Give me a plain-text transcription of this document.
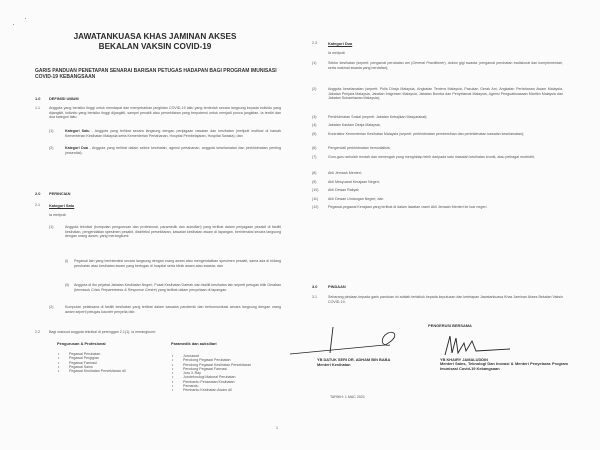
JAWATANKUASA KHAS JAMINAN AKSES
BEKALAN VAKSIN COVID-19
GARIS PANDUAN PENETAPAN SENARAI BARISAN PETUGAS HADAPAN BAGI PROGRAM IMUNISASI COVID-19 KEBANGSAAN
1.0 DEFINISI UMUM
1.1	Anggota yang berisiko tinggi untuk mendapat dan menyebarkan jangkitan COVID-19 iaitu yang terdedah secara langsung kepada individu yang dijangkiti, individu yang berisiko tinggi dijangkiti, sampel pesakit atau persekitaran yang berpotensi untuk menjadi punca jangkitan. Ia terdiri dan dua kategori iaitu:
(1)	Kategori Satu - Anggota yang terlibat secara langsung dengan penjagaan rawatan dan kesihatan (meliputi institusi di bawah Kementerian Kesihatan Malaysia serta Kementerian Pertahanan, Hospital Pembelajaran, Hospital Swasta); dan
(2)	Kategori Dua - Anggota yang terlibat dalam sektor kesihatan, agensi pertahanan, anggota keselamatan dan perkhidmatan penting (essential).
2.0 PERINCIAN
2.1 Kategori Satu
Ia meliputi:
(1)	Anggota teknikal (kumpulan pengurusan dan profesional, paramedik dan auksiliari) yang terlibat dalam penjagaan pesakit di fasiliti kesihatan, pengendalian spesimen pesakit, disinfeksi persekitaran, kawalan kesihatan awam di lapangan, berinteraksi secara langsung dengan orang awam, yang merangkumi:
(i) Pegawai lain yang berinteraksi secara langsung dengan orang awam atau mengendalikan spesimen pesakit, sama ada di bidang perubatan atau kesihatan awam yang bertugas di hospital serta klinik awam atau swasta; dan
(ii) Anggota di ibu pejabat Jabatan Kesihatan Negeri, Pusat Kesihatan Daerah dan fasiliti kesihatan lain seperti petugas bilik Gerakan (termasuk Crisis Preparedness & Response Centre) yang terlibat dalam penyeliaan di lapangan.
(2)	Kumpulan pelaksana di fasiliti kesihatan yang terlibat dalam kawalan pandemik dan berkomunikasi secara langsung dengan orang awam seperti petugas kaunter penyelia dsb.
2.2	Bagi maksud anggota teknikal di perenggan 2.1(1), ia merangkumi:
Pengurusan & Profesional
• Pegawai Perubatan
• Pegawai Pergigian
• Pegawai Farmasi
• Pegawai Sains
• Pegawai Kesihatan Persekitaran dll
Paramedik dan auksiliari
• Jururawat
• Penolong Pegawai Perubatan
• Penolong Pegawai Kesihatan Persekitaran
• Penolong Pegawai Farmasi
• Juru X-Ray
• Juruteknologi Makmal Perubatan
• Pembantu Perawatan Kesihatan
• Pemandu
• Pembantu Kesihatan Awam dll
1
2.3	Kategori Dua
Ia meliputi:
(1)	Sektor kesihatan (seperti: pengamal perubatan am (General Practitioner), doktor gigi swasta, pengamal perubatan tradisional dan komplementari, serta makmal swasta yang berdaftar);
(2)	Anggota keselamatan (seperti: Polis Diraja Malaysia, Angkatan Tentera Malaysia, Pasukan Gerak Am, Angkatan Pertahanan Awam Malaysia, Jabatan Penjara Malaysia, Jabatan Imigresen Malaysia, Jabatan Bomba dan Penyelamat Malaysia, Agensi Penguatkuasaan Maritim Malaysia dan Jabatan Sukarelawan Malaysia);
(3)	Perkhidmatan Sosial (seperti: Jabatan Kebajikan Masyarakat);
(4)	Jabatan Kastam Diraja Malaysia;
(5)	Kontraktor Kementerian Kesihatan Malaysia (seperti: perkhidmatan pembersihan dan perkhidmatan kawalan keselamatan);
(6)	Pengendali perkhidmatan hemodialisis;
(7)	Guru-guru sekolah rendah dan menengah yang menghidap lebih daripada satu masalah kesihatan kronik, atau pelbagai morbiditi;
(8)	Ahli Jemaah Menteri;
(9)	Ahli Mesyuarat Kerajaan Negeri;
(10)	Ahli Dewan Rakyat;
(11)	Ahli Dewan Undangan Negeri; dan
(12)	Pegawai-pegawai Kerajaan yang terlibat di dalam lawatan rasmi Ahli Jemaah Menteri ke luar negeri.
3.0	PINDAAN
3.1	Sebarang pindaan kepada garis panduan ini adalah tertakluk kepada keputusan dan ketetapan Jawatankuasa Khas Jaminan Akses Bekalan Vaksin COVID-19.
PENGERUSI BERSAMA
YB DATUK SERI DR. ADHAM BIN BABA
Menteri Kesihatan
YB KHAIRY JAMALUDDIN
Menteri Sains, Teknologi Dan Inovasi & Menteri Penyelaras Program Imunisasi Covid-19 Kebangsaan
TARIKH: 1 MAC 2021
